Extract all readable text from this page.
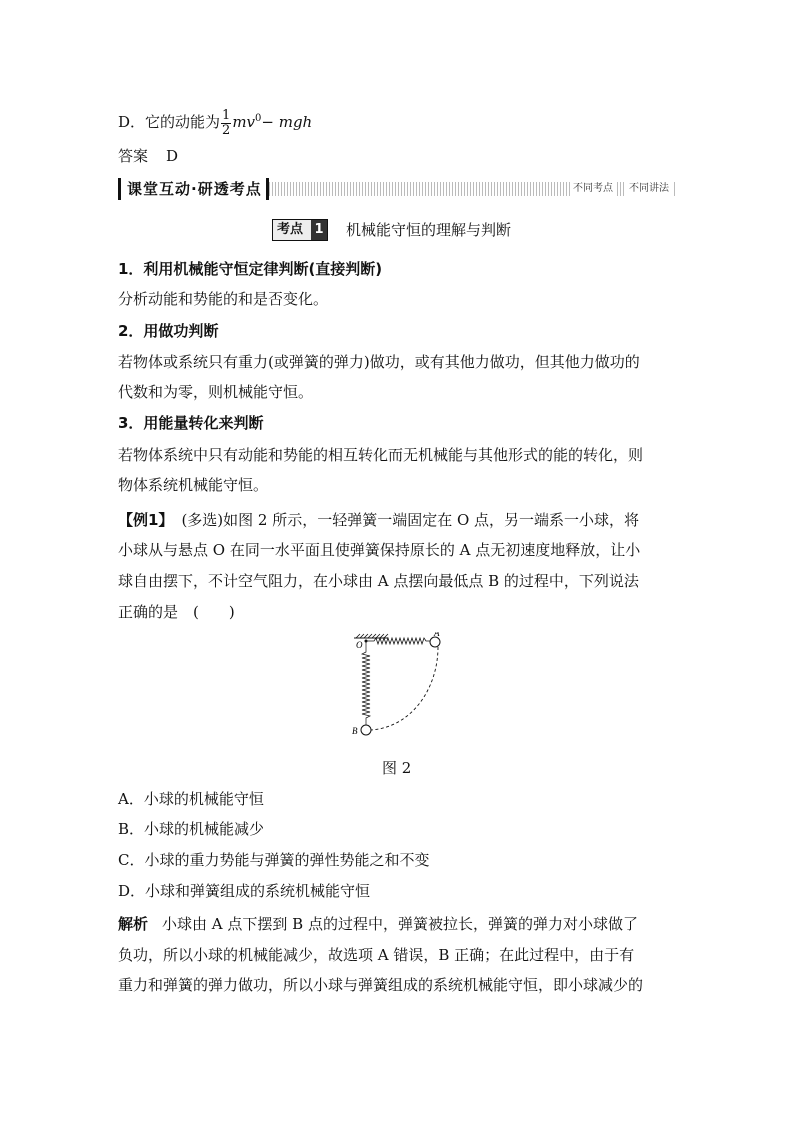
D．它的动能为 $\frac{1}{2} mv^0-$ mgh
答案 D
课堂互动·研透考点	不同考点	不同讲法
考点 1 机械能守恒的理解与判断
1．利用机械能守恒定律判断(直接判断)
分析动能和势能的和是否变化。
2．用做功判断
若物体或系统只有重力(或弹簧的弹力)做功，或有其他力做功，但其他力做功的
代数和为零，则机械能守恒。
3．用能量转化来判断
若物体系统中只有动能和势能的相互转化而无机械能与其他形式的能的转化，则
物体系统机械能守恒。
【例1】 (多选)如图 2 所示，一轻弹簧一端固定在 O 点，另一端系一小球，将
小球从与悬点 O 在同一水平面且使弹簧保持原长的 A 点无初速度地释放，让小
球自由摆下，不计空气阻力，在小球由 A 点摆向最低点 B 的过程中，下列说法
正确的是　(　　)
O
A
B
图 2
A．小球的机械能守恒
B．小球的机械能减少
C．小球的重力势能与弹簧的弹性势能之和不变
D．小球和弹簧组成的系统机械能守恒
解析 小球由 A 点下摆到 B 点的过程中，弹簧被拉长，弹簧的弹力对小球做了
负功，所以小球的机械能减少，故选项 A 错误，B 正确；在此过程中，由于有
重力和弹簧的弹力做功，所以小球与弹簧组成的系统机械能守恒，即小球减少的
